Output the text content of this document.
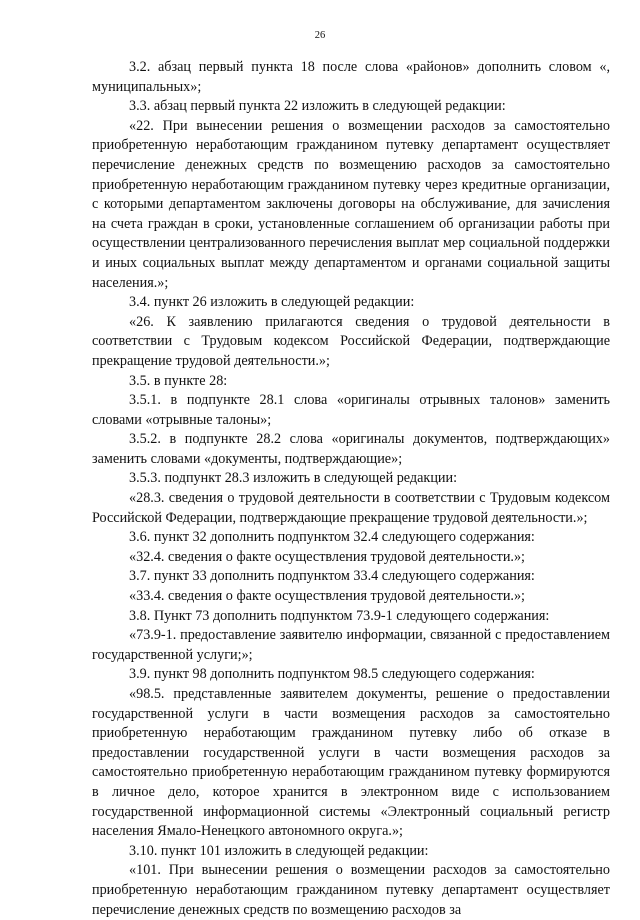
26

3.2. абзац первый пункта 18 после слова «районов» дополнить словом «, муниципальных»;

3.3. абзац первый пункта 22 изложить в следующей редакции:

«22. При вынесении решения о возмещении расходов за самостоятельно приобретенную неработающим гражданином путевку департамент осуществляет перечисление денежных средств по возмещению расходов за самостоятельно приобретенную неработающим гражданином путевку через кредитные организации, с которыми департаментом заключены договоры на обслуживание, для зачисления на счета граждан в сроки, установленные соглашением об организации работы при осуществлении централизованного перечисления выплат мер социальной поддержки и иных социальных выплат между департаментом и органами социальной защиты населения.»;

3.4. пункт 26 изложить в следующей редакции:

«26. К заявлению прилагаются сведения о трудовой деятельности в соответствии с Трудовым кодексом Российской Федерации, подтверждающие прекращение трудовой деятельности.»;

3.5. в пункте 28:

3.5.1. в подпункте 28.1 слова «оригиналы отрывных талонов» заменить словами «отрывные талоны»;

3.5.2. в подпункте 28.2 слова «оригиналы документов, подтверждающих» заменить словами «документы, подтверждающие»;

3.5.3. подпункт 28.3 изложить в следующей редакции:

«28.3. сведения о трудовой деятельности в соответствии с Трудовым кодексом Российской Федерации, подтверждающие прекращение трудовой деятельности.»;

3.6. пункт 32 дополнить подпунктом 32.4 следующего содержания:

«32.4. сведения о факте осуществления трудовой деятельности.»;

3.7. пункт 33 дополнить подпунктом 33.4 следующего содержания:

«33.4. сведения о факте осуществления трудовой деятельности.»;

3.8. Пункт 73 дополнить подпунктом 73.9-1 следующего содержания:

«73.9-1. предоставление заявителю информации, связанной с предоставлением государственной услуги;»;

3.9. пункт 98 дополнить подпунктом 98.5 следующего содержания:

«98.5. представленные заявителем документы, решение о предоставлении государственной услуги в части возмещения расходов за самостоятельно приобретенную неработающим гражданином путевку либо об отказе в предоставлении государственной услуги в части возмещения расходов за самостоятельно приобретенную неработающим гражданином путевку формируются в личное дело, которое хранится в электронном виде с использованием государственной информационной системы «Электронный социальный регистр населения Ямало-Ненецкого автономного округа.»;

3.10. пункт 101 изложить в следующей редакции:

«101. При вынесении решения о возмещении расходов за самостоятельно приобретенную неработающим гражданином путевку департамент осуществляет перечисление денежных средств по возмещению расходов за
